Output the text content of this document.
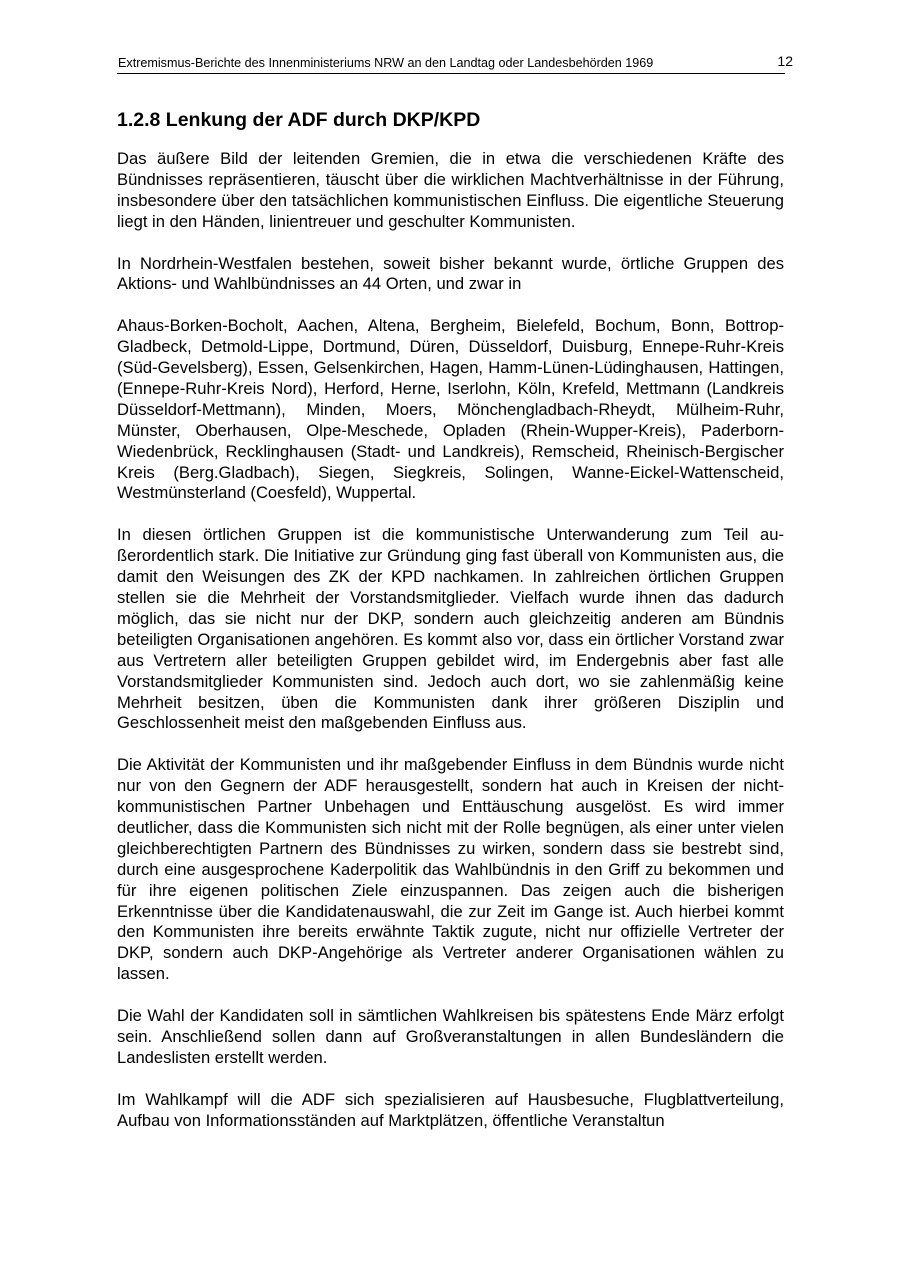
Extremismus-Berichte des Innenministeriums NRW an den Landtag oder Landesbehörden 1969	12
1.2.8 Lenkung der ADF durch DKP/KPD

Das äußere Bild der leitenden Gremien, die in etwa die verschiedenen Kräfte des Bündnisses repräsentieren, täuscht über die wirklichen Machtverhältnisse in der Führung, insbesondere über den tatsächlichen kommunistischen Einfluss. Die eigentliche Steuerung liegt in den Händen, linientreuer und geschulter Kommunisten.

In Nordrhein-Westfalen bestehen, soweit bisher bekannt wurde, örtliche Gruppen des Aktions- und Wahlbündnisses an 44 Orten, und zwar in

Ahaus-Borken-Bocholt, Aachen, Altena, Bergheim, Bielefeld, Bochum, Bonn, Bottrop-Gladbeck, Detmold-Lippe, Dortmund, Düren, Düsseldorf, Duisburg, Ennepe-Ruhr-Kreis (Süd-Gevelsberg), Essen, Gelsenkirchen, Hagen, Hamm-Lünen-Lüdinghausen, Hattingen, (Ennepe-Ruhr-Kreis Nord), Herford, Herne, Iserlohn, Köln, Krefeld, Mettmann (Landkreis Düsseldorf-Mettmann), Minden, Moers, Mönchengladbach-Rheydt, Mülheim-Ruhr, Münster, Oberhausen, Olpe-Meschede, Opladen (Rhein-Wupper-Kreis), Paderborn-Wiedenbrück, Recklinghausen (Stadt- und Landkreis), Remscheid, Rheinisch-Bergischer Kreis (Berg.Gladbach), Siegen, Siegkreis, Solingen, Wanne-Eickel-Wattenscheid, Westmünsterland (Coesfeld), Wuppertal.

In diesen örtlichen Gruppen ist die kommunistische Unterwanderung zum Teil außerordentlich stark. Die Initiative zur Gründung ging fast überall von Kommunisten aus, die damit den Weisungen des ZK der KPD nachkamen. In zahlreichen örtlichen Gruppen stellen sie die Mehrheit der Vorstandsmitglieder. Vielfach wurde ihnen das dadurch möglich, das sie nicht nur der DKP, sondern auch gleichzeitig anderen am Bündnis beteiligten Organisationen angehören. Es kommt also vor, dass ein örtlicher Vorstand zwar aus Vertretern aller beteiligten Gruppen gebildet wird, im Endergebnis aber fast alle Vorstandsmitglieder Kommunisten sind. Jedoch auch dort, wo sie zahlenmäßig keine Mehrheit besitzen, üben die Kommunisten dank ihrer größeren Disziplin und Geschlossenheit meist den maßgebenden Einfluss aus.

Die Aktivität der Kommunisten und ihr maßgebender Einfluss in dem Bündnis wurde nicht nur von den Gegnern der ADF herausgestellt, sondern hat auch in Kreisen der nicht-kommunistischen Partner Unbehagen und Enttäuschung ausgelöst. Es wird immer deutlicher, dass die Kommunisten sich nicht mit der Rolle begnügen, als einer unter vielen gleichberechtigten Partnern des Bündnisses zu wirken, sondern dass sie bestrebt sind, durch eine ausgesprochene Kaderpolitik das Wahlbündnis in den Griff zu bekommen und für ihre eigenen politischen Ziele einzuspannen. Das zeigen auch die bisherigen Erkenntnisse über die Kandidatenauswahl, die zur Zeit im Gange ist. Auch hierbei kommt den Kommunisten ihre bereits erwähnte Taktik zugute, nicht nur offizielle Vertreter der DKP, sondern auch DKP-Angehörige als Vertreter anderer Organisationen wählen zu lassen.

Die Wahl der Kandidaten soll in sämtlichen Wahlkreisen bis spätestens Ende März erfolgt sein. Anschließend sollen dann auf Großveranstaltungen in allen Bundesländern die Landeslisten erstellt werden.

Im Wahlkampf will die ADF sich spezialisieren auf Hausbesuche, Flugblattverteilung, Aufbau von Informationsständen auf Marktplätzen, öffentliche Veranstaltun
